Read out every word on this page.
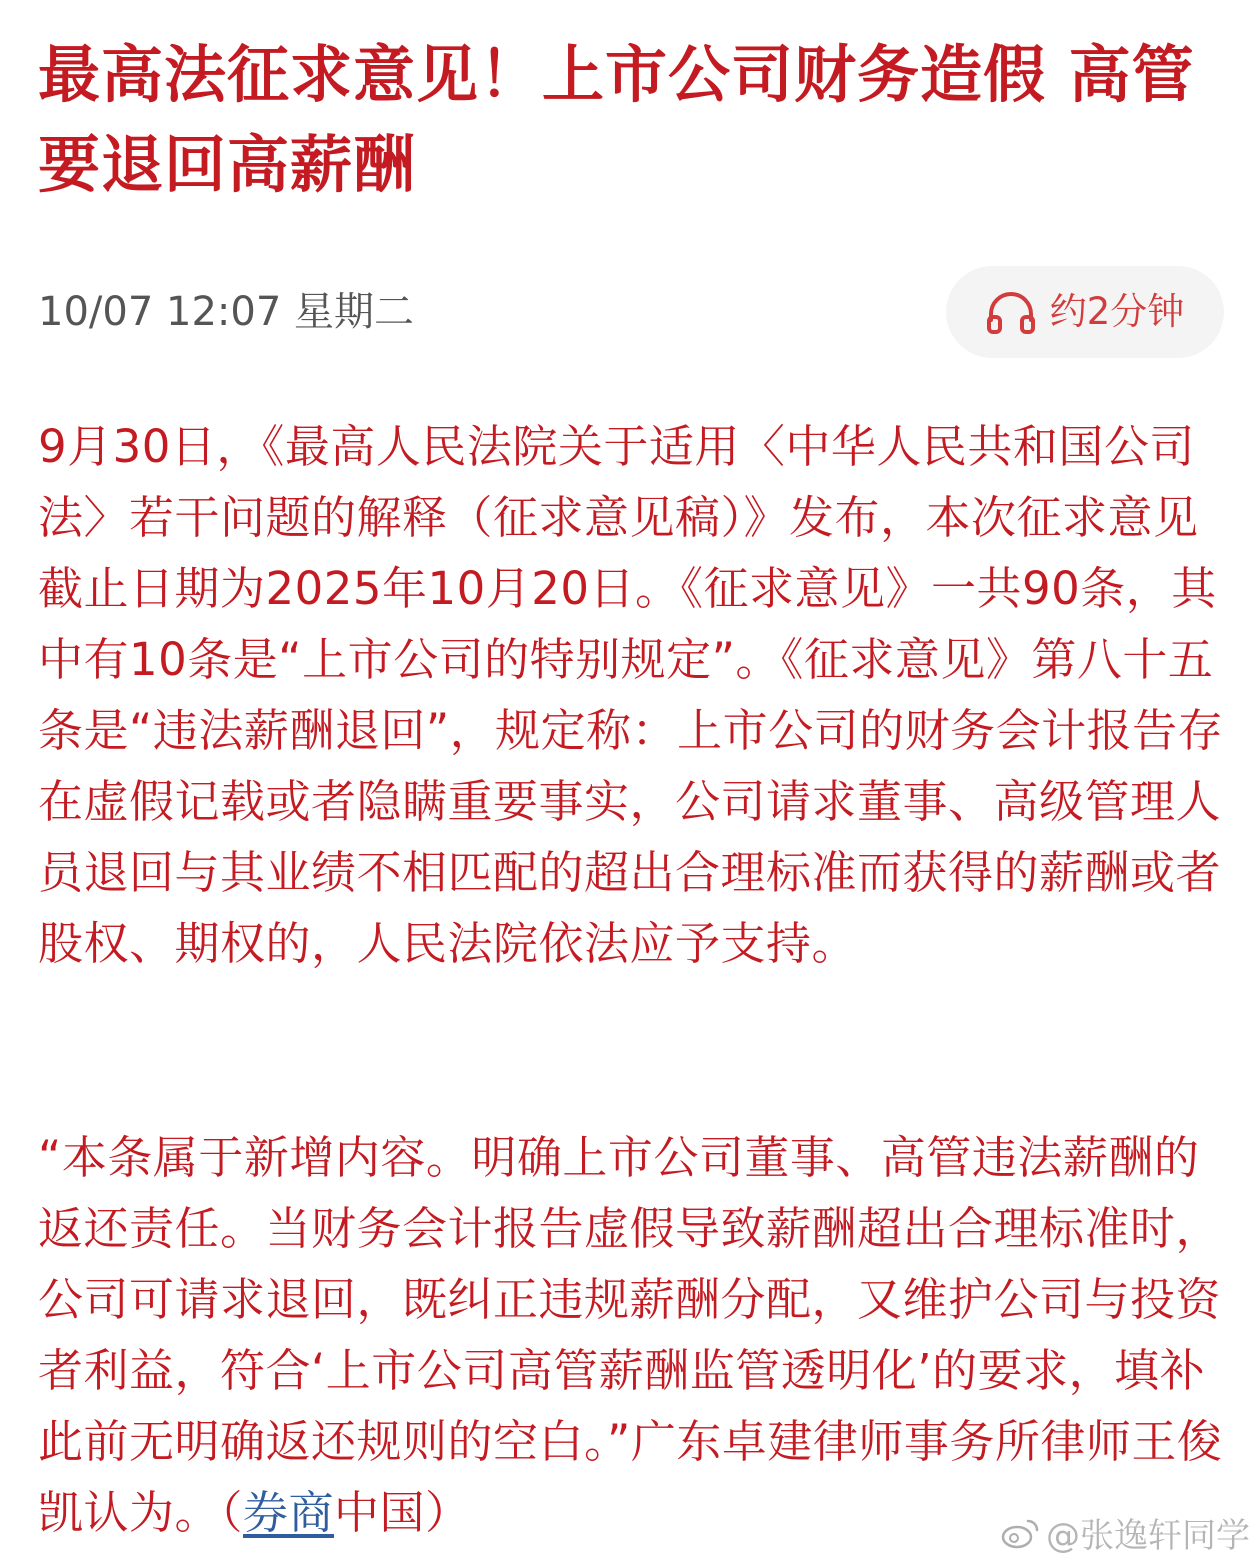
最高法征求意见！上市公司财务造假 高管要退回高薪酬
10/07 12:07 星期二	约2分钟

9月30日，《最高人民法院关于适用〈中华人民共和国公司法〉若干问题的解释（征求意见稿）》发布，本次征求意见截止日期为2025年10月20日。《征求意见》一共90条，其中有10条是“上市公司的特别规定”。《征求意见》第八十五条是“违法薪酬退回”，规定称：上市公司的财务会计报告存在虚假记载或者隐瞒重要事实，公司请求董事、高级管理人员退回与其业绩不相匹配的超出合理标准而获得的薪酬或者股权、期权的，人民法院依法应予支持。

“本条属于新增内容。明确上市公司董事、高管违法薪酬的返还责任。当财务会计报告虚假导致薪酬超出合理标准时，公司可请求退回，既纠正违规薪酬分配，又维护公司与投资者利益，符合‘上市公司高管薪酬监管透明化’的要求，填补此前无明确返还规则的空白。”广东卓建律师事务所律师王俊凯认为。（券商中国）	@张逸轩同学
